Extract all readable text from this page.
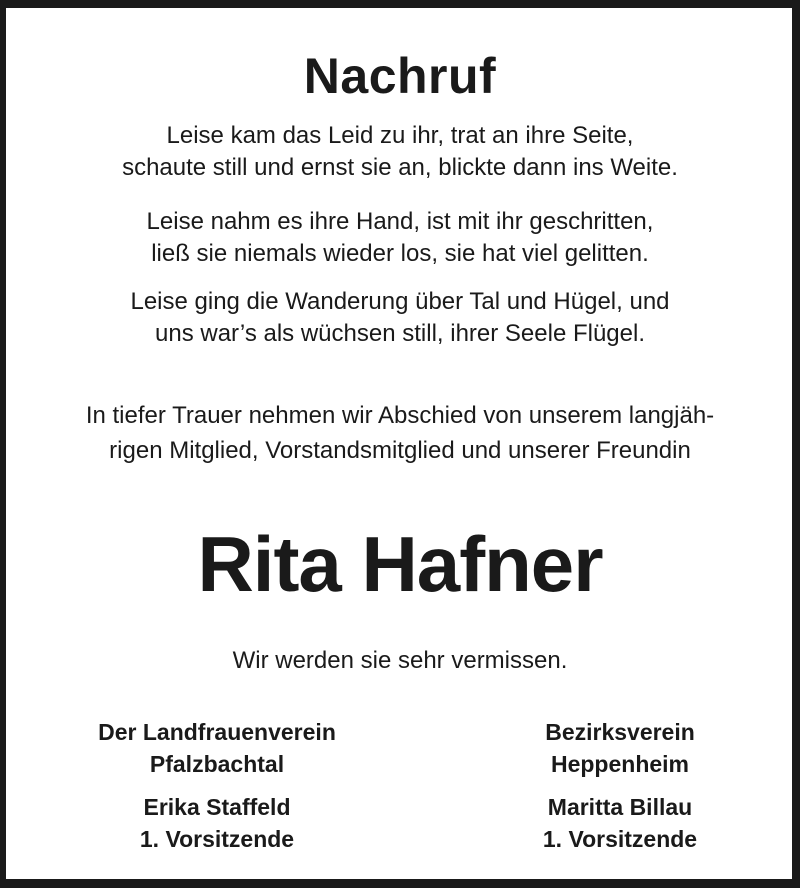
Nachruf
Leise kam das Leid zu ihr, trat an ihre Seite,
schaute still und ernst sie an, blickte dann ins Weite.
Leise nahm es ihre Hand, ist mit ihr geschritten,
ließ sie niemals wieder los, sie hat viel gelitten.
Leise ging die Wanderung über Tal und Hügel, und
uns war’s als wüchsen still, ihrer Seele Flügel.
In tiefer Trauer nehmen wir Abschied von unserem langjäh-
rigen Mitglied, Vorstandsmitglied und unserer Freundin
Rita Hafner
Wir werden sie sehr vermissen.
Der Landfrauenverein
Pfalzbachtal
Erika Staffeld
1. Vorsitzende
Bezirksverein
Heppenheim
Maritta Billau
1. Vorsitzende
